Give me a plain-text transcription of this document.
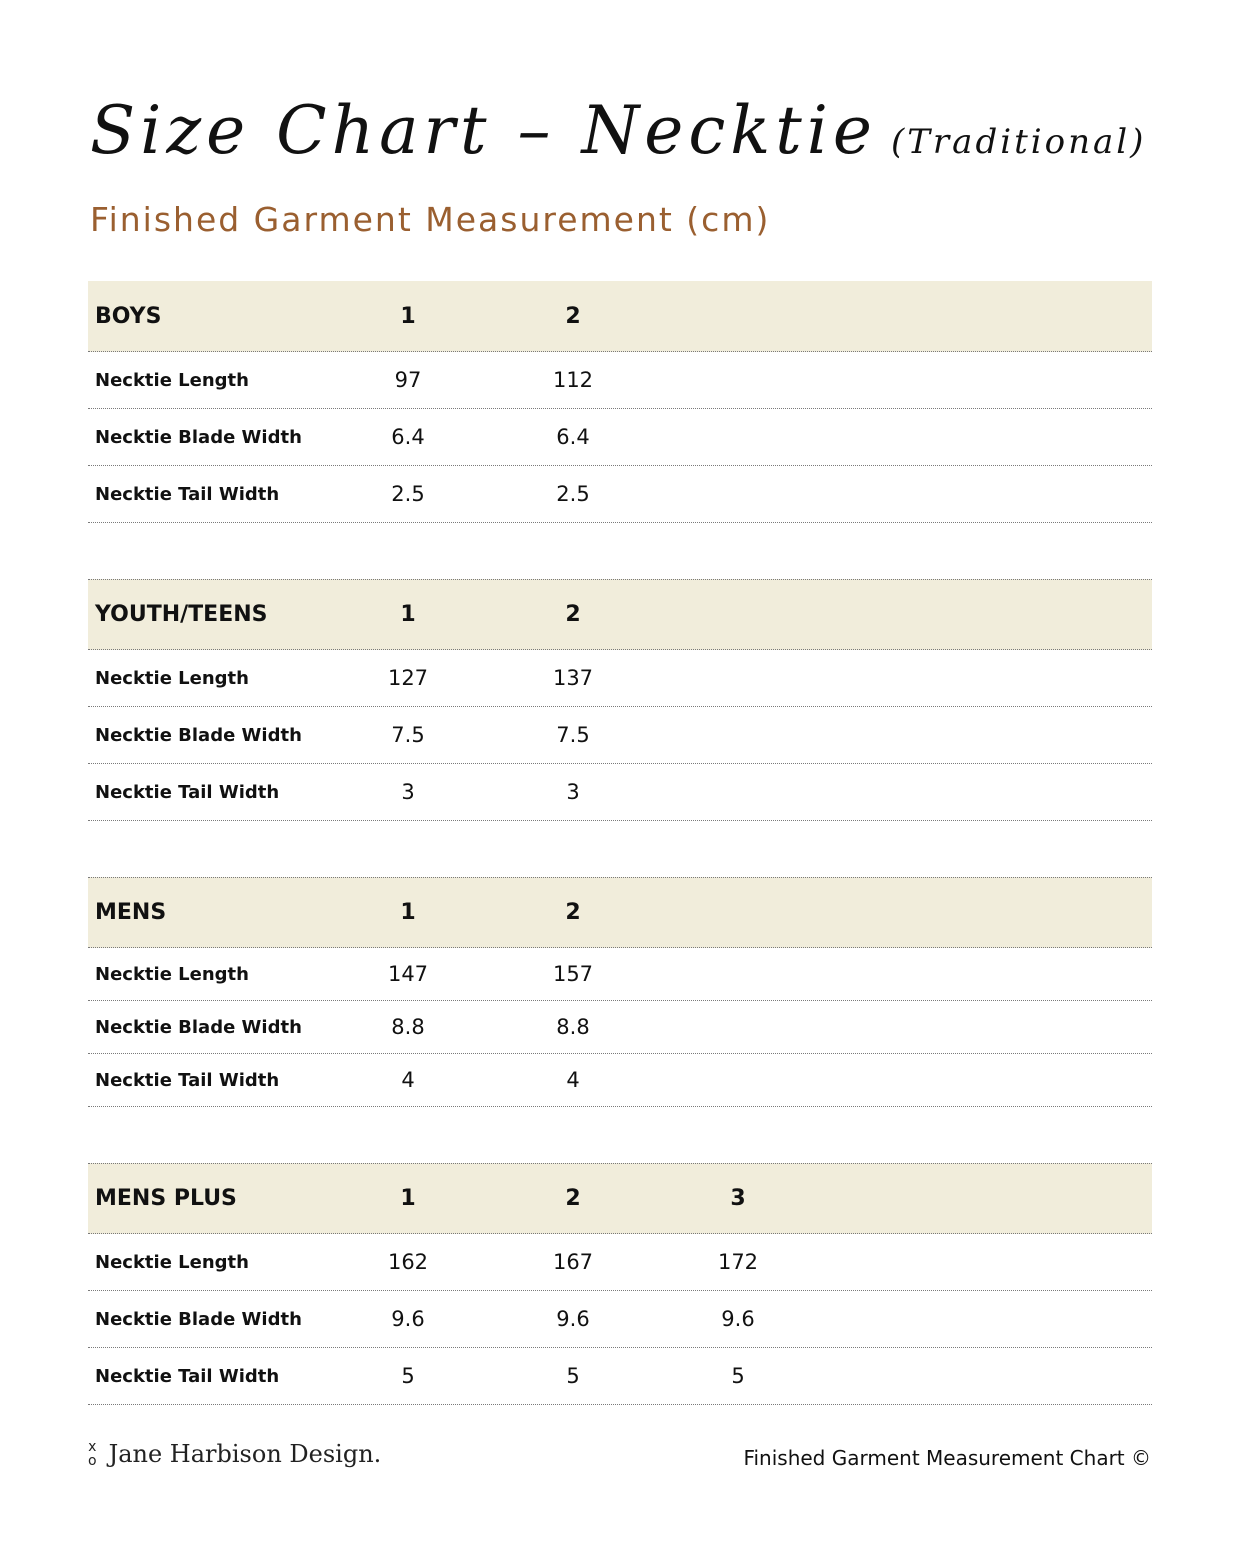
Size Chart – Necktie (Traditional)
Finished Garment Measurement (cm)
BOYS	1	2
Necktie Length	97	112
Necktie Blade Width	6.4	6.4
Necktie Tail Width	2.5	2.5
YOUTH/TEENS	1	2
Necktie Length	127	137
Necktie Blade Width	7.5	7.5
Necktie Tail Width	3	3
MENS	1	2
Necktie Length	147	157
Necktie Blade Width	8.8	8.8
Necktie Tail Width	4	4
MENS PLUS	1	2	3
Necktie Length	162	167	172
Necktie Blade Width	9.6	9.6	9.6
Necktie Tail Width	5	5	5
x
o Jane Harbison Design.	Finished Garment Measurement Chart ©
